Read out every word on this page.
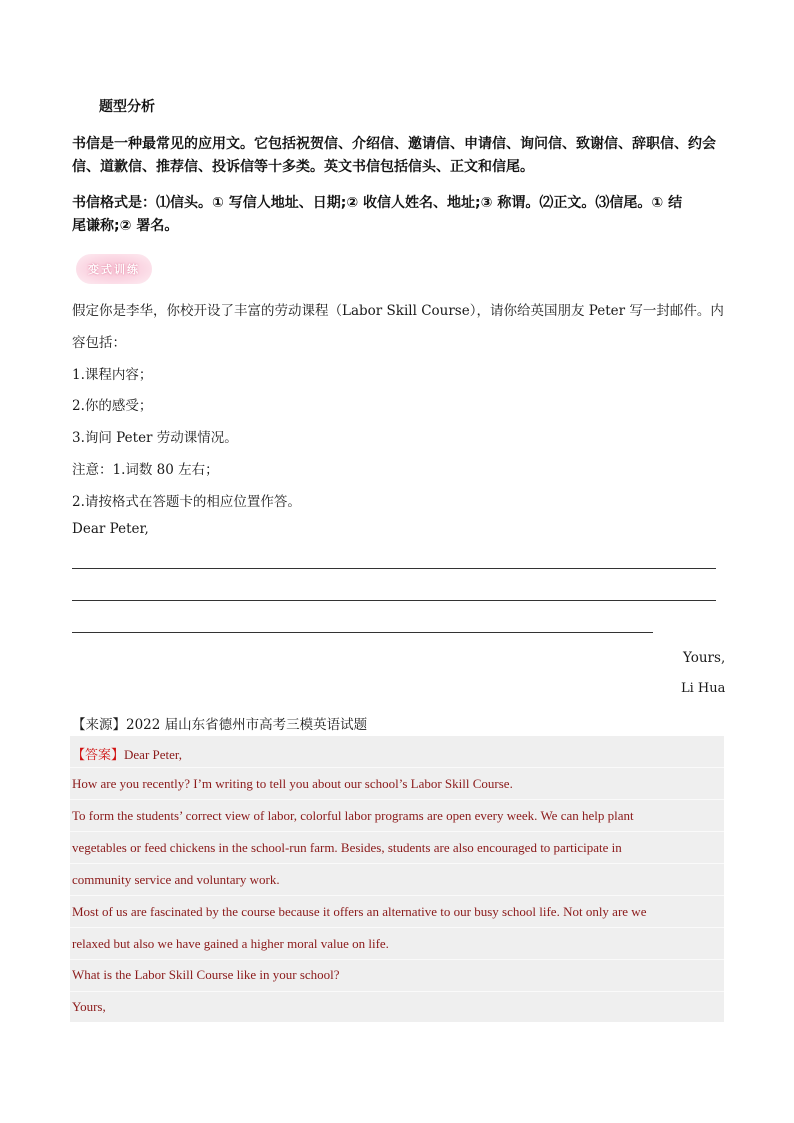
题型分析
书信是一种最常见的应用文。它包括祝贺信、介绍信、邀请信、申请信、询问信、致谢信、辞职信、约会
信、道歉信、推荐信、投诉信等十多类。英文书信包括信头、正文和信尾。
书信格式是：⑴信头。① 写信人地址、日期;② 收信人姓名、地址;③ 称谓。⑵正文。⑶信尾。① 结
尾谦称;② 署名。
变式训练
假定你是李华，你校开设了丰富的劳动课程（Labor Skill Course），请你给英国朋友 Peter 写一封邮件。内
容包括：
1.课程内容；
2.你的感受；
3.询问 Peter 劳动课情况。
注意：1.词数 80 左右；
2.请按格式在答题卡的相应位置作答。
Dear Peter,
Yours,
Li Hua
【来源】2022 届山东省德州市高考三模英语试题
【答案】Dear Peter,
How are you recently? I’m writing to tell you about our school’s Labor Skill Course.
To form the students’ correct view of labor, colorful labor programs are open every week. We can help plant
vegetables or feed chickens in the school-run farm. Besides, students are also encouraged to participate in
community service and voluntary work.
Most of us are fascinated by the course because it offers an alternative to our busy school life. Not only are we
relaxed but also we have gained a higher moral value on life.
What is the Labor Skill Course like in your school?
Yours,
